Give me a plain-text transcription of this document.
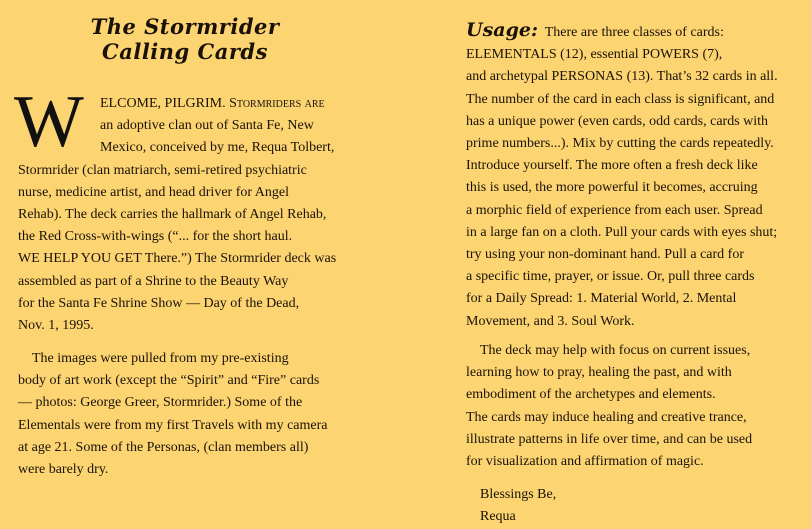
The Stormrider
Calling Cards
W	ELCOME, PILGRIM. Stormriders are
an adoptive clan out of Santa Fe, New
Mexico, conceived by me, Requa Tolbert,
Stormrider (clan matriarch, semi-retired psychiatric
nurse, medicine artist, and head driver for Angel
Rehab). The deck carries the hallmark of Angel Rehab,
the Red Cross-with-wings (“... for the short haul.
WE HELP YOU GET There.”) The Stormrider deck was
assembled as part of a Shrine to the Beauty Way
for the Santa Fe Shrine Show — Day of the Dead,
Nov. 1, 1995.
The images were pulled from my pre-existing
body of art work (except the “Spirit” and “Fire” cards
— photos: George Greer, Stormrider.) Some of the
Elementals were from my first Travels with my camera
at age 21. Some of the Personas, (clan members all)
were barely dry.
Usage: There are three classes of cards:
ELEMENTALS (12), essential POWERS (7),
and archetypal PERSONAS (13). That’s 32 cards in all.
The number of the card in each class is significant, and
has a unique power (even cards, odd cards, cards with
prime numbers...). Mix by cutting the cards repeatedly.
Introduce yourself. The more often a fresh deck like
this is used, the more powerful it becomes, accruing
a morphic field of experience from each user. Spread
in a large fan on a cloth. Pull your cards with eyes shut;
try using your non-dominant hand. Pull a card for
a specific time, prayer, or issue. Or, pull three cards
for a Daily Spread: 1. Material World, 2. Mental
Movement, and 3. Soul Work.
The deck may help with focus on current issues,
learning how to pray, healing the past, and with
embodiment of the archetypes and elements.
The cards may induce healing and creative trance,
illustrate patterns in life over time, and can be used
for visualization and affirmation of magic.
Blessings Be,
Requa
